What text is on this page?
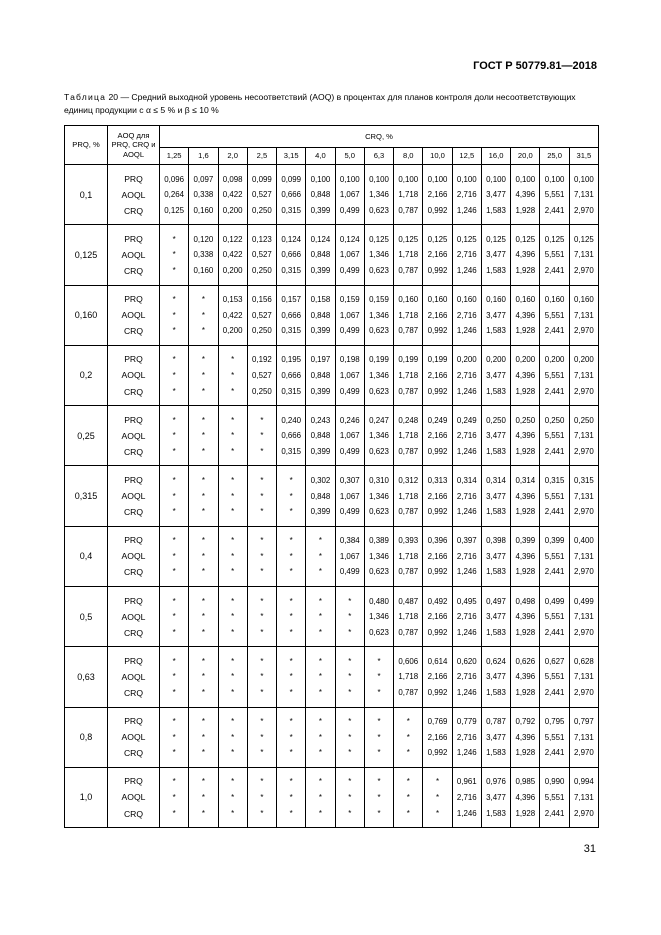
ГОСТ Р 50779.81—2018
Таблица 20 — Средний выходной уровень несоответствий (AOQ) в процентах для планов контроля доли несоответствующих единиц продукции с α ≤ 5 % и β ≤ 10 %
PRQ, %	AOQ для PRQ, CRQ и AOQL	CRQ, %														
		1,25	1,6	2,0	2,5	3,15	4,0	5,0	6,3	8,0	10,0	12,5	16,0	20,0	25,0	31,5
0,1	PRQ	0,096	0,097	0,098	0,099	0,099	0,100	0,100	0,100	0,100	0,100	0,100	0,100	0,100	0,100	0,100
	AOQL	0,264	0,338	0,422	0,527	0,666	0,848	1,067	1,346	1,718	2,166	2,716	3,477	4,396	5,551	7,131
	CRQ	0,125	0,160	0,200	0,250	0,315	0,399	0,499	0,623	0,787	0,992	1,246	1,583	1,928	2,441	2,970
0,125	PRQ	*	0,120	0,122	0,123	0,124	0,124	0,124	0,125	0,125	0,125	0,125	0,125	0,125	0,125	0,125
	AOQL	*	0,338	0,422	0,527	0,666	0,848	1,067	1,346	1,718	2,166	2,716	3,477	4,396	5,551	7,131
	CRQ	*	0,160	0,200	0,250	0,315	0,399	0,499	0,623	0,787	0,992	1,246	1,583	1,928	2,441	2,970
0,160	PRQ	*	*	0,153	0,156	0,157	0,158	0,159	0,159	0,160	0,160	0,160	0,160	0,160	0,160	0,160
	AOQL	*	*	0,422	0,527	0,666	0,848	1,067	1,346	1,718	2,166	2,716	3,477	4,396	5,551	7,131
	CRQ	*	*	0,200	0,250	0,315	0,399	0,499	0,623	0,787	0,992	1,246	1,583	1,928	2,441	2,970
0,2	PRQ	*	*	*	0,192	0,195	0,197	0,198	0,199	0,199	0,199	0,200	0,200	0,200	0,200	0,200
	AOQL	*	*	*	0,527	0,666	0,848	1,067	1,346	1,718	2,166	2,716	3,477	4,396	5,551	7,131
	CRQ	*	*	*	0,250	0,315	0,399	0,499	0,623	0,787	0,992	1,246	1,583	1,928	2,441	2,970
0,25	PRQ	*	*	*	*	0,240	0,243	0,246	0,247	0,248	0,249	0,249	0,250	0,250	0,250	0,250
	AOQL	*	*	*	*	0,666	0,848	1,067	1,346	1,718	2,166	2,716	3,477	4,396	5,551	7,131
	CRQ	*	*	*	*	0,315	0,399	0,499	0,623	0,787	0,992	1,246	1,583	1,928	2,441	2,970
0,315	PRQ	*	*	*	*	*	0,302	0,307	0,310	0,312	0,313	0,314	0,314	0,314	0,315	0,315
	AOQL	*	*	*	*	*	0,848	1,067	1,346	1,718	2,166	2,716	3,477	4,396	5,551	7,131
	CRQ	*	*	*	*	*	0,399	0,499	0,623	0,787	0,992	1,246	1,583	1,928	2,441	2,970
0,4	PRQ	*	*	*	*	*	*	0,384	0,389	0,393	0,396	0,397	0,398	0,399	0,399	0,400
	AOQL	*	*	*	*	*	*	1,067	1,346	1,718	2,166	2,716	3,477	4,396	5,551	7,131
	CRQ	*	*	*	*	*	*	0,499	0,623	0,787	0,992	1,246	1,583	1,928	2,441	2,970
0,5	PRQ	*	*	*	*	*	*	*	0,480	0,487	0,492	0,495	0,497	0,498	0,499	0,499
	AOQL	*	*	*	*	*	*	*	1,346	1,718	2,166	2,716	3,477	4,396	5,551	7,131
	CRQ	*	*	*	*	*	*	*	0,623	0,787	0,992	1,246	1,583	1,928	2,441	2,970
0,63	PRQ	*	*	*	*	*	*	*	*	0,606	0,614	0,620	0,624	0,626	0,627	0,628
	AOQL	*	*	*	*	*	*	*	*	1,718	2,166	2,716	3,477	4,396	5,551	7,131
	CRQ	*	*	*	*	*	*	*	*	0,787	0,992	1,246	1,583	1,928	2,441	2,970
0,8	PRQ	*	*	*	*	*	*	*	*	*	0,769	0,779	0,787	0,792	0,795	0,797
	AOQL	*	*	*	*	*	*	*	*	*	2,166	2,716	3,477	4,396	5,551	7,131
	CRQ	*	*	*	*	*	*	*	*	*	0,992	1,246	1,583	1,928	2,441	2,970
1,0	PRQ	*	*	*	*	*	*	*	*	*	*	0,961	0,976	0,985	0,990	0,994
	AOQL	*	*	*	*	*	*	*	*	*	*	2,716	3,477	4,396	5,551	7,131
	CRQ	*	*	*	*	*	*	*	*	*	*	1,246	1,583	1,928	2,441	2,970
31
